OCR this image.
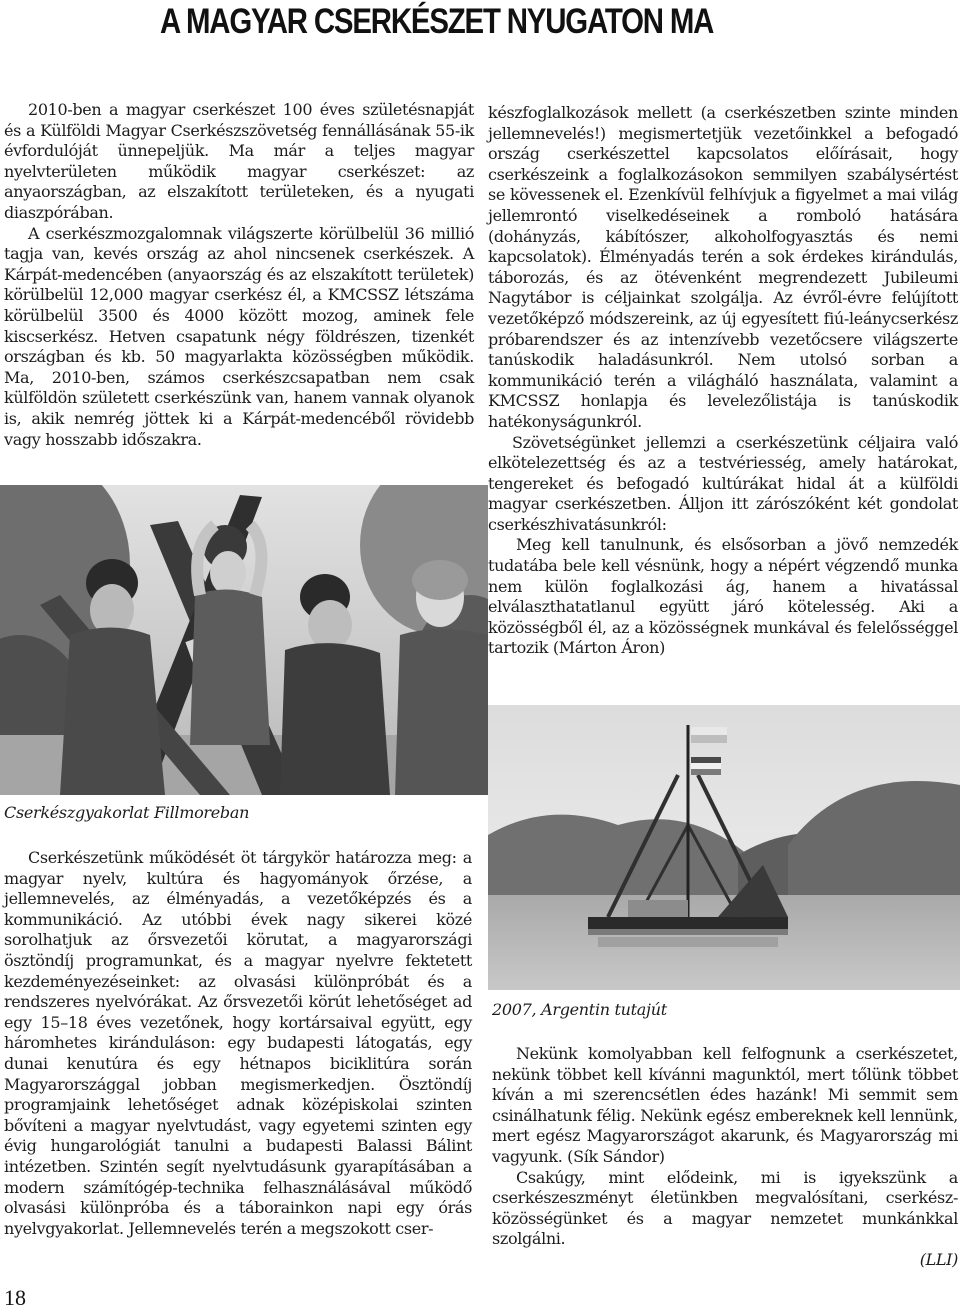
A MAGYAR CSERKÉSZET NYUGATON MA

2010-ben a magyar cserkészet 100 éves születésnapját és a Külföldi Magyar Cserkészszövetség fennállásának 55-ik évfordulóját ünnepeljük. Ma már a teljes magyar nyelvterületen működik magyar cserkészet: az anyaországban, az elszakított területeken, és a nyugati diaszpórában.

A cserkészmozgalomnak világszerte körülbelül 36 millió tagja van, kevés ország az ahol nincsenek cserkészek. A Kárpát-medencében (anyaország és az elszakított területek) körülbelül 12,000 magyar cserkész él, a KMCSSZ létszáma körülbelül 3500 és 4000 között mozog, aminek fele kiscserkész. Hetven csapatunk négy földrészen, tizenkét országban és kb. 50 magyarlakta közösségben működik. Ma, 2010-ben, számos cserkészcsapatban nem csak külföldön született cserkészünk van, hanem vannak olyanok is, akik nemrég jöttek ki a Kárpát-medencéből rövidebb vagy hosszabb időszakra.

készfoglalkozások mellett (a cserkészetben szinte minden jellemnevelés!) megismertetjük vezetőinkkel a befogadó ország cserkészettel kapcsolatos előírásait, hogy cserkészeink a foglalkozásokon semmilyen szabálysértést se kövessenek el. Ezenkívül felhívjuk a figyelmet a mai világ jellemrontó viselkedéseinek a romboló hatására (dohányzás, kábítószer, alkoholfogyasztás és nemi kapcsolatok). Élményadás terén a sok érdekes kirándulás, táborozás, és az ötévenként megrendezett Jubileumi Nagytábor is céljainkat szolgálja. Az évről-évre felújított vezetőképző módszereink, az új egyesített fiú-leánycserkész próbarendszer és az intenzívebb vezetőcsere világszerte tanúskodik haladásunkról. Nem utolsó sorban a kommunikáció terén a világháló használata, valamint a KMCSSZ honlapja és levelezőlistája is tanúskodik hatékonyságunkról.

Szövetségünket jellemzi a cserkészetünk céljaira való elkötelezettség és az a testvériesség, amely határokat, tengereket és befogadó kultúrákat hidal át a külföldi magyar cserkészetben. Álljon itt zárószóként két gondolat cserkészhivatásunkról:

Meg kell tanulnunk, és elsősorban a jövő nemzedék tudatába bele kell vésnünk, hogy a népért végzendő munka nem külön foglalkozási ág, hanem a hivatással elválaszthatatlanul együtt járó kötelesség. Aki a közösségből él, az a közösségnek munkával és felelősséggel tartozik (Márton Áron)

Cserkészgyakorlat Fillmoreban
2007, Argentin tutajút

Cserkészetünk működését öt tárgykör határozza meg: a magyar nyelv, kultúra és hagyományok őrzése, a jellemnevelés, az élményadás, a vezetőképzés és a kommunikáció. Az utóbbi évek nagy sikerei közé sorolhatjuk az őrsvezetői körutat, a magyarországi ösztöndíj programunkat, és a magyar nyelvre fektetett kezdeményezéseinket: az olvasási különpróbát és a rendszeres nyelvórákat. Az őrsvezetői körút lehetőséget ad egy 15–18 éves vezetőnek, hogy kortársaival együtt, egy háromhetes kiránduláson: egy budapesti látogatás, egy dunai kenutúra és egy hétnapos biciklitúra során Magyarországgal jobban megismerkedjen. Ösztöndíj programjaink lehetőséget adnak középiskolai szinten bővíteni a magyar nyelvtudást, vagy egyetemi szinten egy évig hungarológiát tanulni a budapesti Balassi Bálint intézetben. Szintén segít nyelvtudásunk gyarapításában a modern számítógép-technika felhasználásával működő olvasási különpróba és a táborainkon napi egy órás nyelvgyakorlat. Jellemnevelés terén a megszokott cser-

Nekünk komolyabban kell felfognunk a cserkészetet, nekünk többet kell kívánni magunktól, mert tőlünk többet kíván a mi szerencsétlen édes hazánk! Mi semmit sem csinálhatunk félig. Nekünk egész embereknek kell lennünk, mert egész Magyarországot akarunk, és Magyarország mi vagyunk. (Sík Sándor)

Csakúgy, mint elődeink, mi is igyekszünk a cserkészeszményt életünkben megvalósítani, cserkész-közösségünket és a magyar nemzetet munkánkkal szolgálni.

(LLI)
18
